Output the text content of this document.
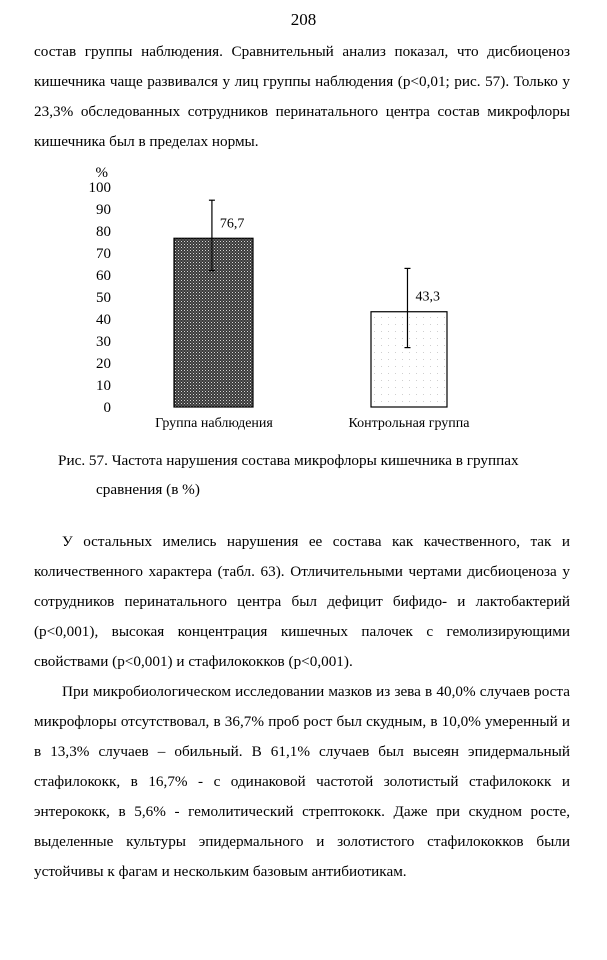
208

состав группы наблюдения. Сравнительный анализ показал, что дисбиоценоз кишечника чаще развивался у лиц группы наблюдения (р<0,01; рис. 57). Только у 23,3% обследованных сотрудников перинатального центра состав микрофлоры кишечника был в пределах нормы.

%
0
10
20
30
40
50
60
70
80
90
100
76,7
43,3
Группа наблюдения	Контрольная группа

Рис. 57. Частота нарушения состава микрофлоры кишечника в группах
сравнения (в %)

У остальных имелись нарушения ее состава как качественного, так и количественного характера (табл. 63). Отличительными чертами дисбиоценоза у сотрудников перинатального центра был дефицит бифидо- и лактобактерий (р<0,001), высокая концентрация кишечных палочек с гемолизирующими свойствами (р<0,001) и стафилококков (р<0,001).

При микробиологическом исследовании мазков из зева в 40,0% случаев роста микрофлоры отсутствовал, в 36,7% проб рост был скудным, в 10,0% умеренный и в 13,3% случаев – обильный. В 61,1% случаев был высеян эпидермальный стафилококк, в 16,7% - с одинаковой частотой золотистый стафилококк и энтерококк, в 5,6% - гемолитический стрептококк. Даже при скудном росте, выделенные культуры эпидермального и золотистого стафилококков были устойчивы к фагам и нескольким базовым антибиотикам.
